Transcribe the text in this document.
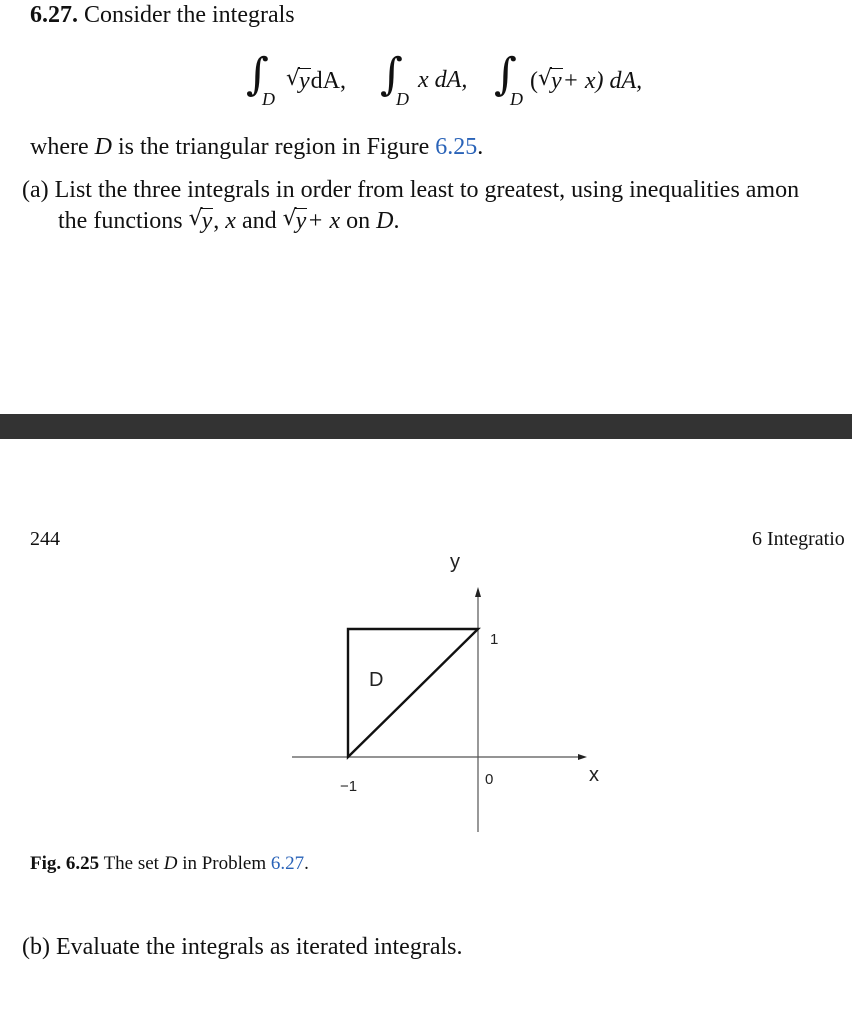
6.27. Consider the integrals
∫
D
√
ydA, ∫
D
x dA, ∫
D
( √
y+ x) dA,
where D is the triangular region in Figure 6.25.
(a) List the three integrals in order from least to greatest, using inequalities amon
the functions √
y, x and √
y+ x on D.
244	6 Integratio
y
x
D
1
0
−1
Fig. 6.25 The set D in Problem 6.27.
(b) Evaluate the integrals as iterated integrals.
